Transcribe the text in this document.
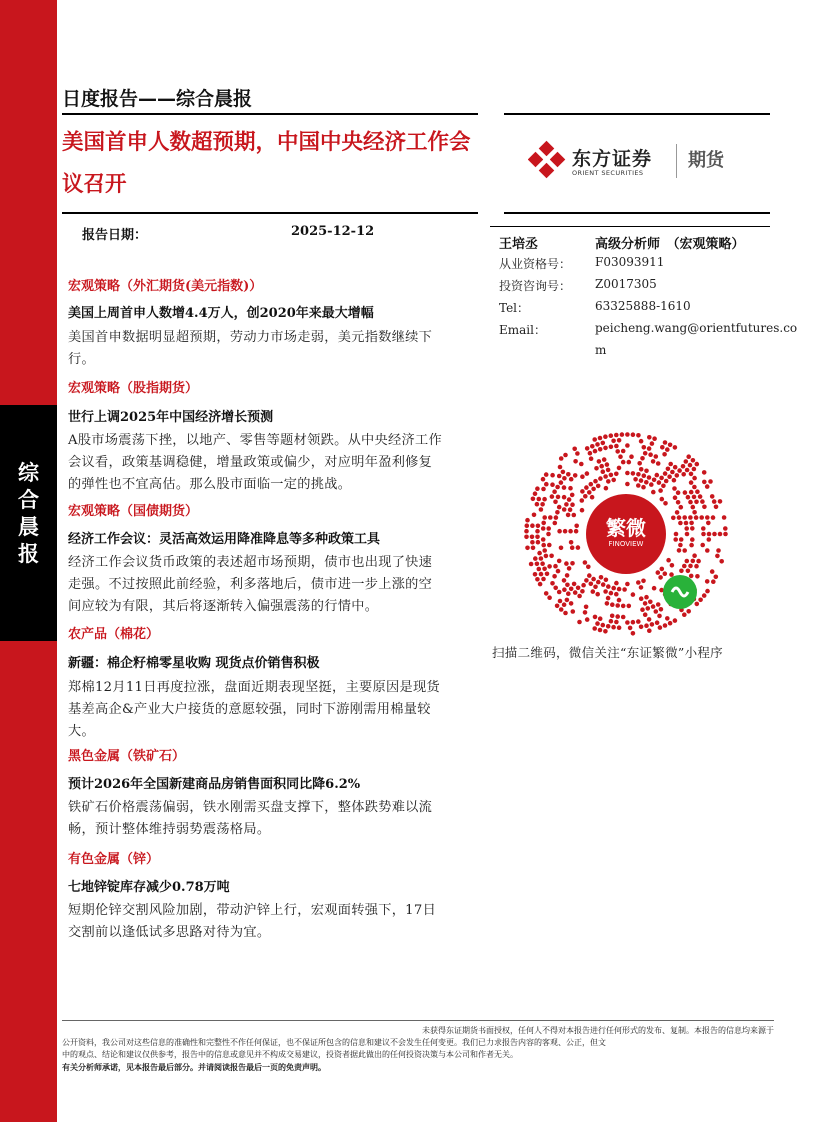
综
合
晨
报
日度报告——综合晨报
美国首申人数超预期，中国中央经济工作会议召开
东方证券
ORIENT SECURITIES
期货
报告日期：	2025-12-12
王培丞	高级分析师　（宏观策略）
从业资格号： F03093911
投资咨询号： Z0017305
Tel：	63325888-1610
Email：	peicheng.wang@orientfutures.co
m
繁微
FINOVIEW
扫描二维码，微信关注“东证繁微”小程序
宏观策略（外汇期货(美元指数)）
美国上周首申人数增4.4万人，创2020年来最大增幅
美国首申数据明显超预期，劳动力市场走弱，美元指数继续下
行。
宏观策略（股指期货）
世行上调2025年中国经济增长预测
A股市场震荡下挫，以地产、零售等题材领跌。从中央经济工作
会议看，政策基调稳健，增量政策或偏少，对应明年盈利修复
的弹性也不宜高估。那么股市面临一定的挑战。
宏观策略（国债期货）
经济工作会议：灵活高效运用降准降息等多种政策工具
经济工作会议货币政策的表述超市场预期，债市也出现了快速
走强。不过按照此前经验，利多落地后，债市进一步上涨的空
间应较为有限，其后将逐渐转入偏强震荡的行情中。
农产品（棉花）
新疆：棉企籽棉零星收购 现货点价销售积极
郑棉12月11日再度拉涨，盘面近期表现坚挺，主要原因是现货
基差高企&产业大户接货的意愿较强，同时下游刚需用棉量较
大。
黑色金属（铁矿石）
预计2026年全国新建商品房销售面积同比降6.2%
铁矿石价格震荡偏弱，铁水刚需买盘支撑下，整体跌势难以流
畅，预计整体维持弱势震荡格局。
有色金属（锌）
七地锌锭库存减少0.78万吨
短期伦锌交割风险加剧，带动沪锌上行，宏观面转强下，17日
交割前以逢低试多思路对待为宜。
未获得东证期货书面授权，任何人不得对本报告进行任何形式的发布、复制。本报告的信息均来源于
公开资料，我公司对这些信息的准确性和完整性不作任何保证，也不保证所包含的信息和建议不会发生任何变更。我们已力求报告内容的客观、公正，但文
中的观点、结论和建议仅供参考，报告中的信息或意见并不构成交易建议，投资者据此做出的任何投资决策与本公司和作者无关。
有关分析师承诺，见本报告最后部分。并请阅读报告最后一页的免责声明。
